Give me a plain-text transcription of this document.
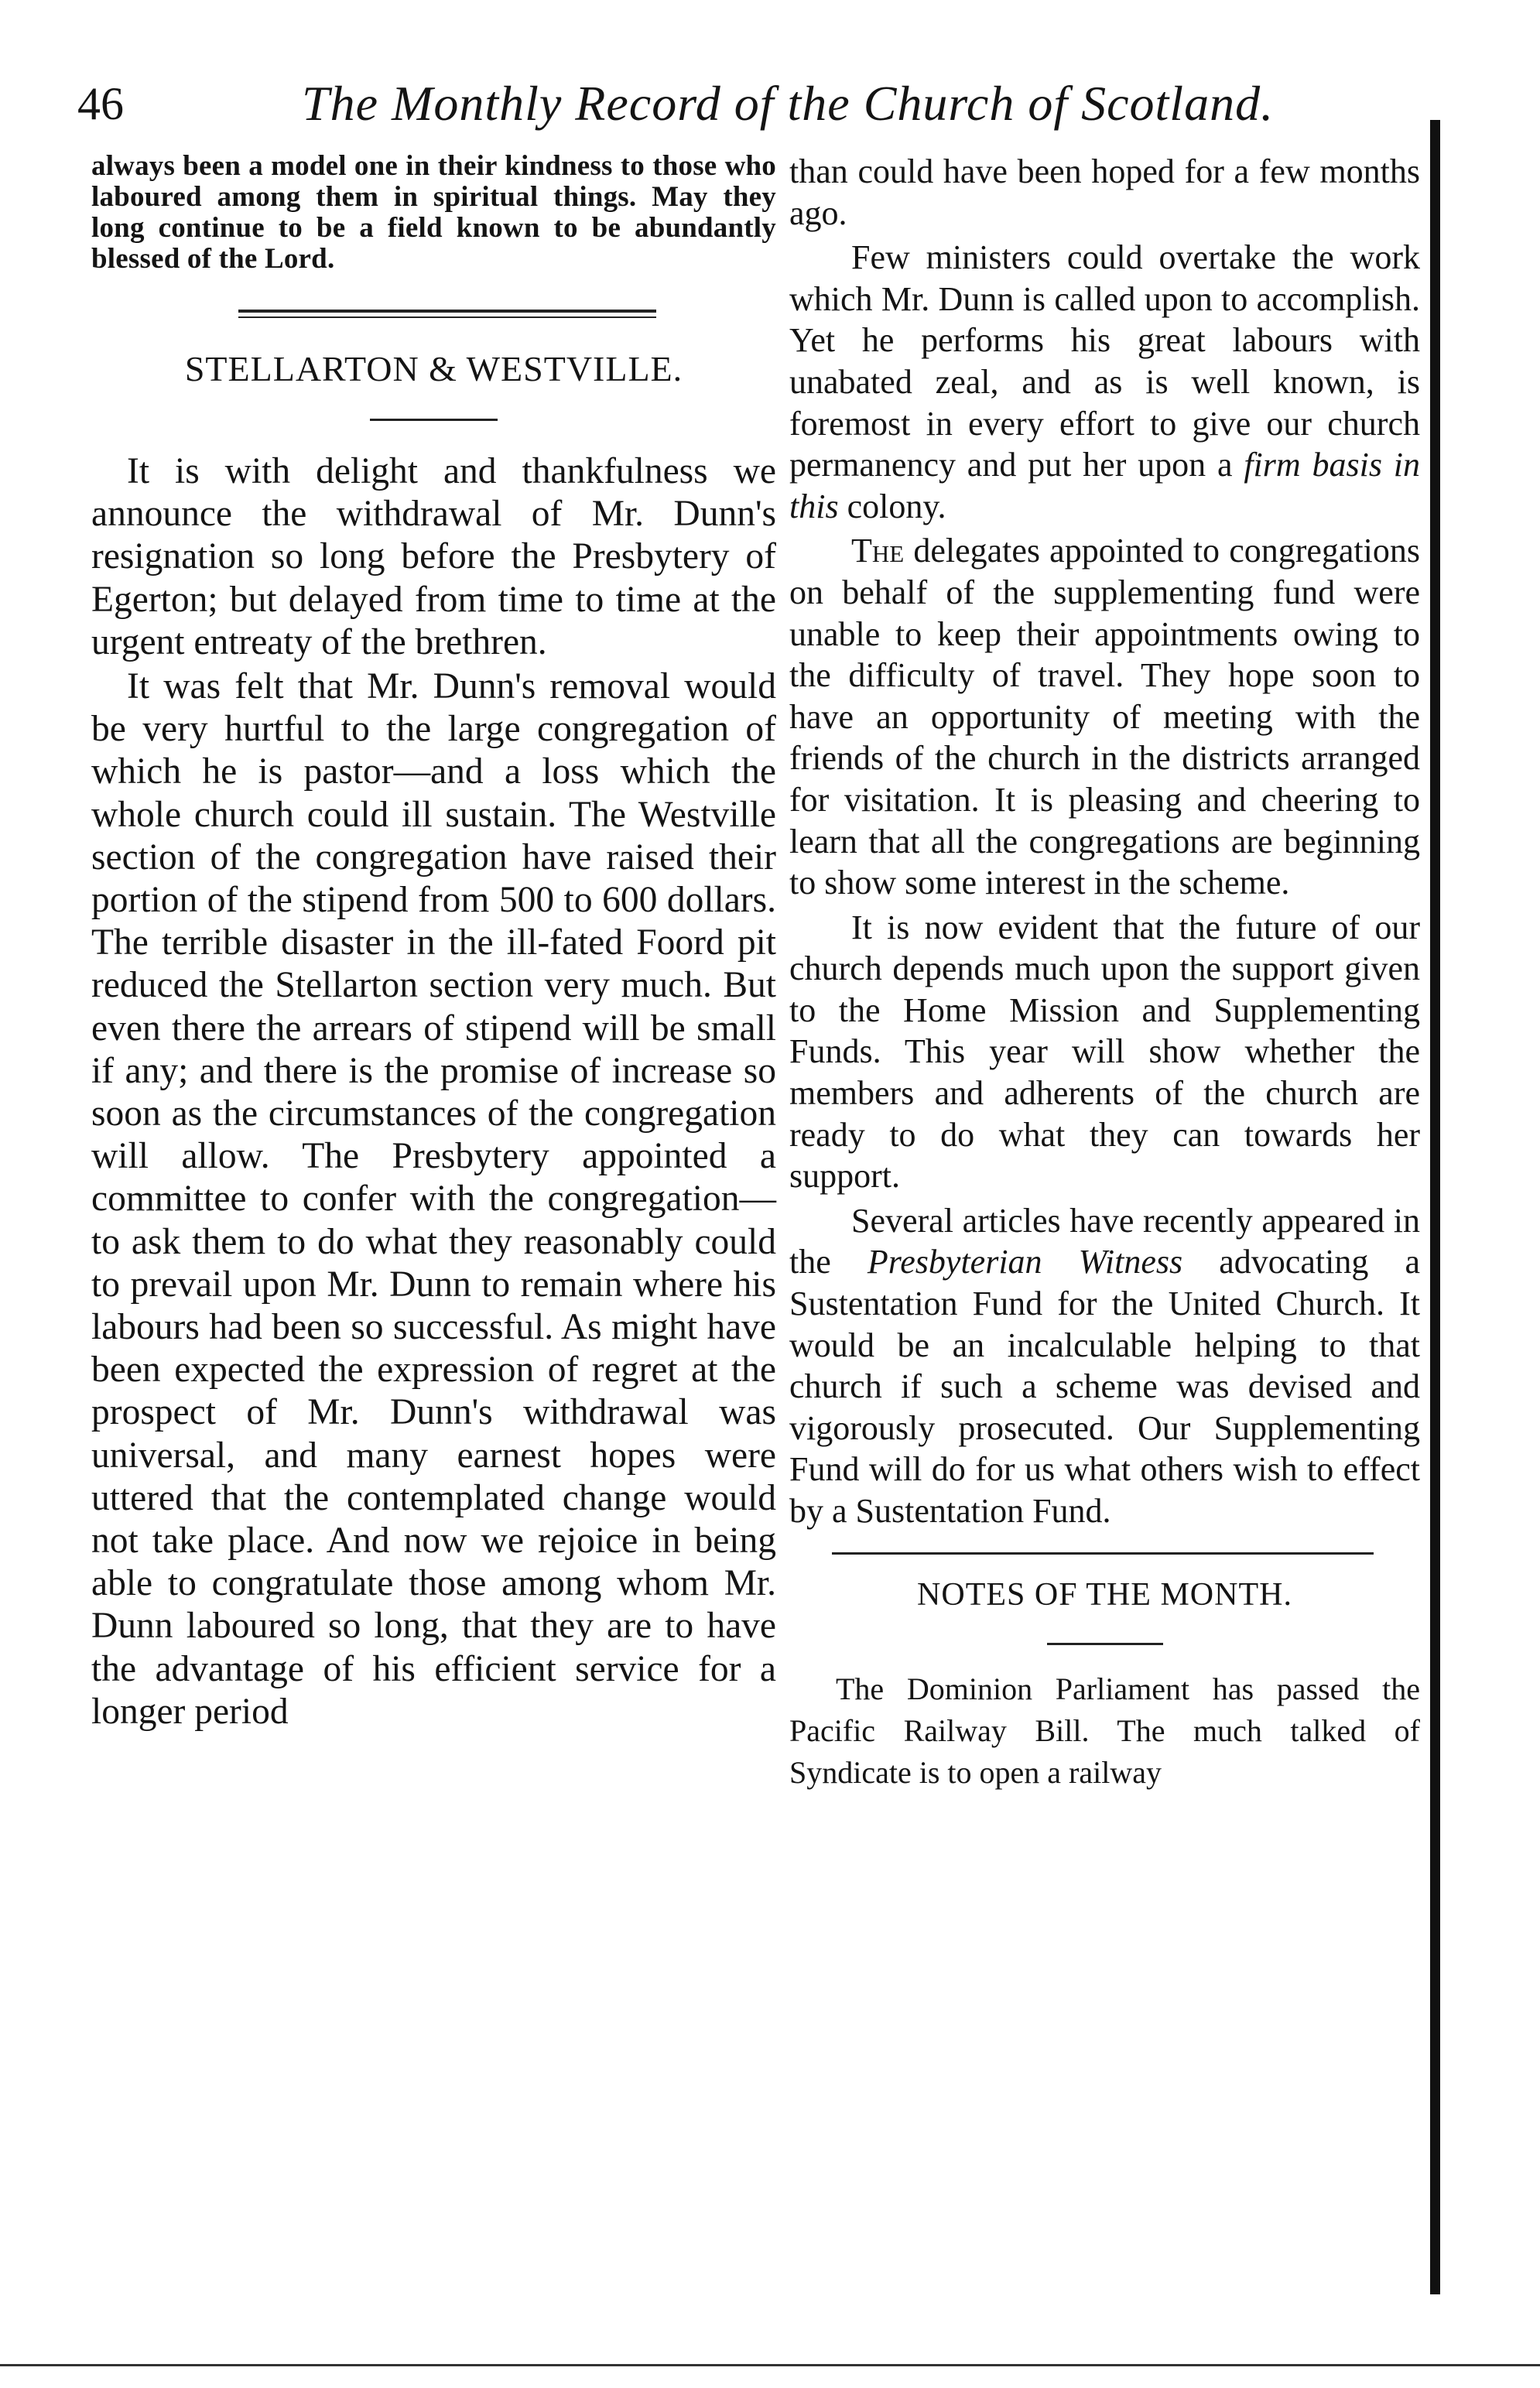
46	The Monthly Record of the Church of Scotland.

always been a model one in their kindness to those who laboured among them in spiritual things. May they long continue to be a field known to be abundantly blessed of the Lord.

STELLARTON & WESTVILLE.

It is with delight and thankfulness we announce the withdrawal of Mr. Dunn's resignation so long before the Presbytery of Egerton; but delayed from time to time at the urgent entreaty of the brethren.

It was felt that Mr. Dunn's removal would be very hurtful to the large congregation of which he is pastor—and a loss which the whole church could ill sustain. The Westville section of the congregation have raised their portion of the stipend from 500 to 600 dollars. The terrible disaster in the ill-fated Foord pit reduced the Stellarton section very much. But even there the arrears of stipend will be small if any; and there is the promise of increase so soon as the circumstances of the congregation will allow. The Presbytery appointed a committee to confer with the congregation—to ask them to do what they reasonably could to prevail upon Mr. Dunn to remain where his labours had been so successful. As might have been expected the expression of regret at the prospect of Mr. Dunn's withdrawal was universal, and many earnest hopes were uttered that the contemplated change would not take place. And now we rejoice in being able to congratulate those among whom Mr. Dunn laboured so long, that they are to have the advantage of his efficient service for a longer period

than could have been hoped for a few months ago.

Few ministers could overtake the work which Mr. Dunn is called upon to accomplish. Yet he performs his great labours with unabated zeal, and as is well known, is foremost in every effort to give our church permanency and put her upon a firm basis in this colony.

The delegates appointed to congregations on behalf of the supplementing fund were unable to keep their appointments owing to the difficulty of travel. They hope soon to have an opportunity of meeting with the friends of the church in the districts arranged for visitation. It is pleasing and cheering to learn that all the congregations are beginning to show some interest in the scheme.

It is now evident that the future of our church depends much upon the support given to the Home Mission and Supplementing Funds. This year will show whether the members and adherents of the church are ready to do what they can towards her support.

Several articles have recently appeared in the Presbyterian Witness advocating a Sustentation Fund for the United Church. It would be an incalculable helping to that church if such a scheme was devised and vigorously prosecuted. Our Supplementing Fund will do for us what others wish to effect by a Sustentation Fund.

NOTES OF THE MONTH.

The Dominion Parliament has passed the Pacific Railway Bill. The much talked of Syndicate is to open a railway
